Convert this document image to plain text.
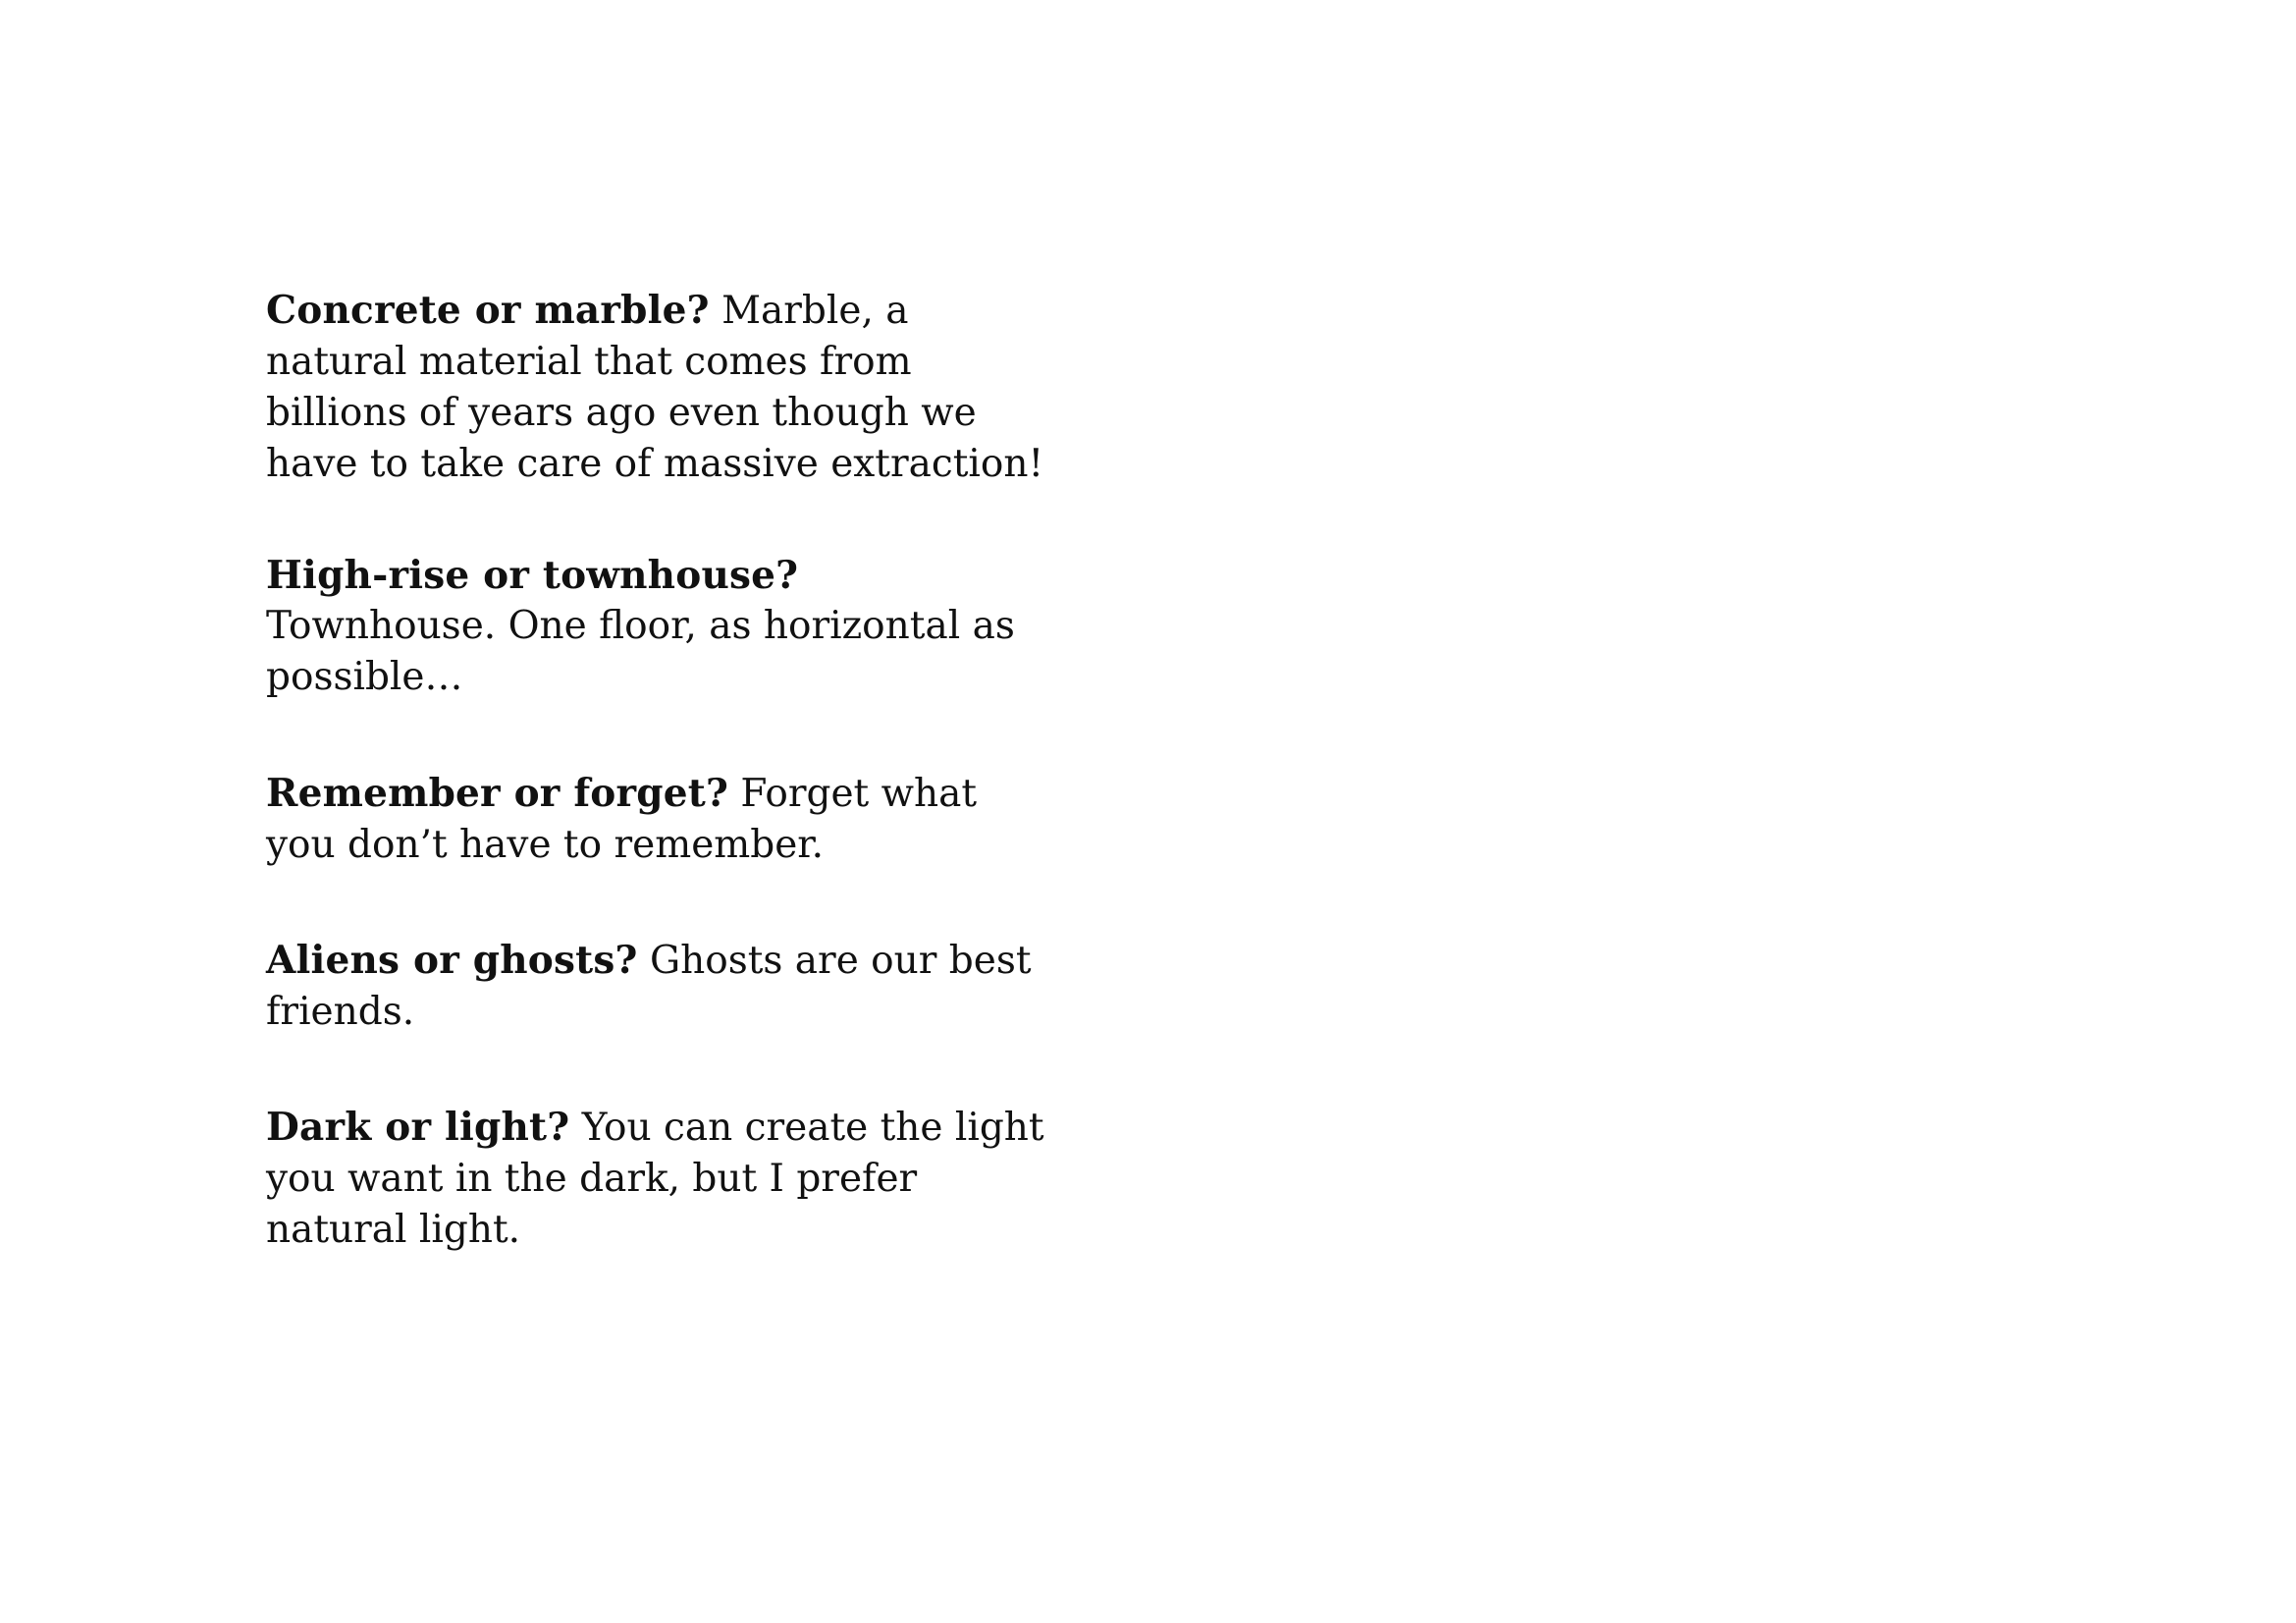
Concrete or marble? Marble, a
natural material that comes from
billions of years ago even though we
have to take care of massive extraction!

High-rise or townhouse?
Townhouse. One floor, as horizontal as
possible…

Remember or forget? Forget what
you don’t have to remember.

Aliens or ghosts? Ghosts are our best
friends.

Dark or light? You can create the light
you want in the dark, but I prefer
natural light.
